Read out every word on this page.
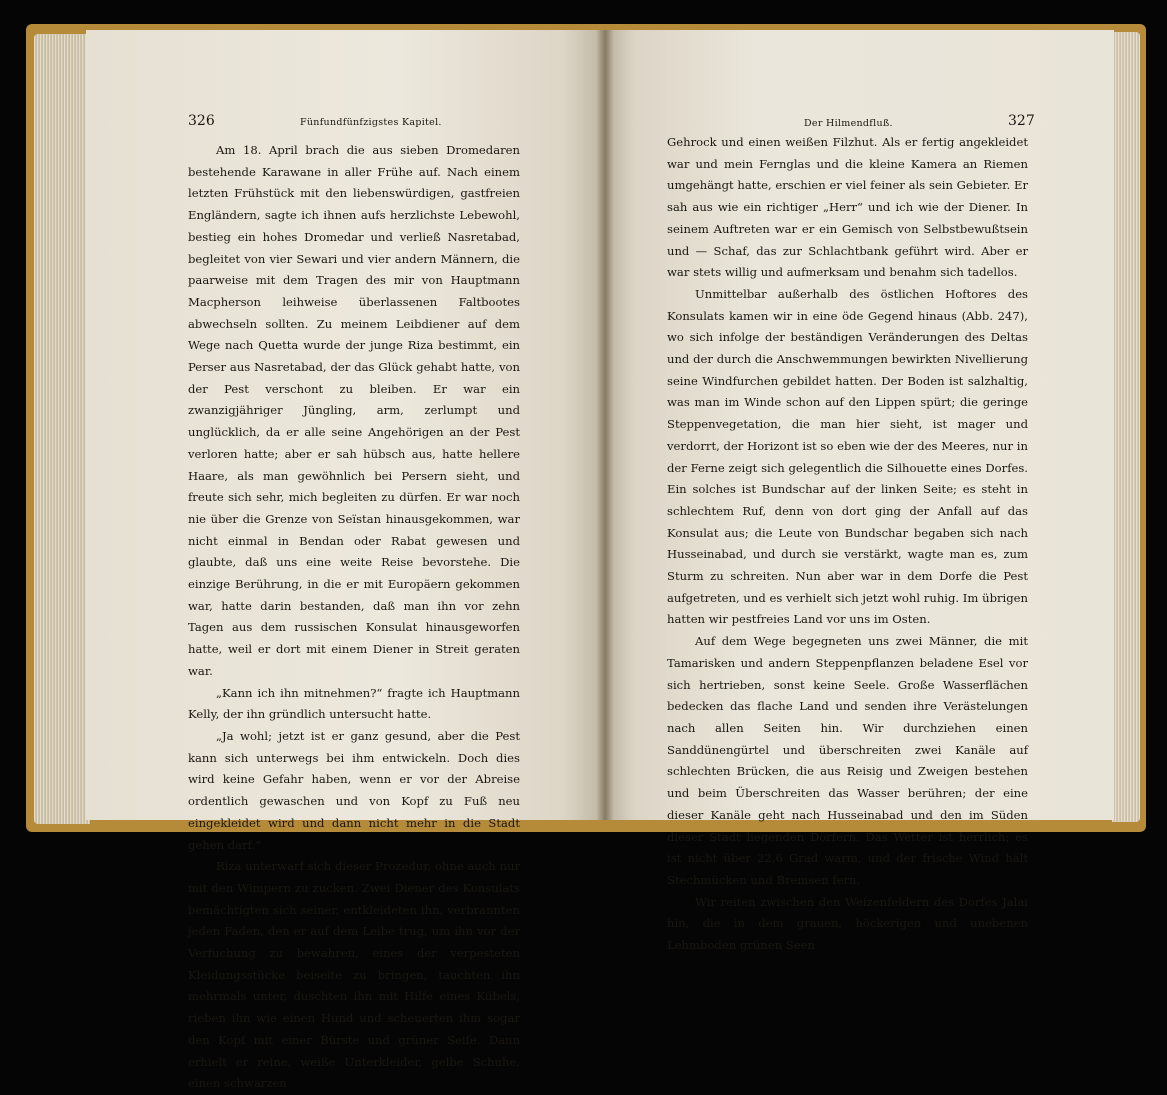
326	Fünfundfünfzigstes Kapitel.

Am 18. April brach die aus sieben Dromedaren bestehende Karawane in aller Frühe auf. Nach einem letzten Frühstück mit den liebenswürdigen, gastfreien Engländern, sagte ich ihnen aufs herzlichste Lebewohl, bestieg ein hohes Dromedar und verließ Nasretabad, begleitet von vier Sewari und vier andern Männern, die paarweise mit dem Tragen des mir von Hauptmann Macpherson leihweise überlassenen Faltbootes abwechseln sollten. Zu meinem Leibdiener auf dem Wege nach Quetta wurde der junge Riza bestimmt, ein Perser aus Nasretabad, der das Glück gehabt hatte, von der Pest verschont zu bleiben. Er war ein zwanzigjähriger Jüngling, arm, zerlumpt und unglücklich, da er alle seine Angehörigen an der Pest verloren hatte; aber er sah hübsch aus, hatte hellere Haare, als man gewöhnlich bei Persern sieht, und freute sich sehr, mich begleiten zu dürfen. Er war noch nie über die Grenze von Seïstan hinausgekommen, war nicht einmal in Bendan oder Rabat gewesen und glaubte, daß uns eine weite Reise bevorstehe. Die einzige Berührung, in die er mit Europäern gekommen war, hatte darin bestanden, daß man ihn vor zehn Tagen aus dem russischen Konsulat hinausgeworfen hatte, weil er dort mit einem Diener in Streit geraten war.

„Kann ich ihn mitnehmen?“ fragte ich Hauptmann Kelly, der ihn gründlich untersucht hatte.

„Ja wohl; jetzt ist er ganz gesund, aber die Pest kann sich unterwegs bei ihm entwickeln. Doch dies wird keine Gefahr haben, wenn er vor der Abreise ordentlich gewaschen und von Kopf zu Fuß neu eingekleidet wird und dann nicht mehr in die Stadt gehen darf.“

Riza unterwarf sich dieser Prozedur, ohne auch nur mit den Wimpern zu zucken. Zwei Diener des Konsulats bemächtigten sich seiner, entkleideten ihn, verbrannten jeden Faden, den er auf dem Leibe trug, um ihn vor der Verfuchung zu bewahren, eines der verpesteten Kleidungsstücke beiseite zu bringen, tauchten ihn mehrmals unter, duschten ihn mit Hilfe eines Kübels, rieben ihn wie einen Hund und scheuerten ihm sogar den Kopf mit einer Bürste und grüner Seife. Dann erhielt er reine, weiße Unterkleider, gelbe Schuhe, einen schwarzen

Der Hilmendfluß.	327

Gehrock und einen weißen Filzhut. Als er fertig angekleidet war und mein Fernglas und die kleine Kamera an Riemen umgehängt hatte, erschien er viel feiner als sein Gebieter. Er sah aus wie ein richtiger „Herr“ und ich wie der Diener. In seinem Auftreten war er ein Gemisch von Selbstbewußtsein und — Schaf, das zur Schlachtbank geführt wird. Aber er war stets willig und aufmerksam und benahm sich tadellos.

Unmittelbar außerhalb des östlichen Hoftores des Konsulats kamen wir in eine öde Gegend hinaus (Abb. 247), wo sich infolge der beständigen Veränderungen des Deltas und der durch die Anschwemmungen bewirkten Nivellierung seine Windfurchen gebildet hatten. Der Boden ist salzhaltig, was man im Winde schon auf den Lippen spürt; die geringe Steppenvegetation, die man hier sieht, ist mager und verdorrt, der Horizont ist so eben wie der des Meeres, nur in der Ferne zeigt sich gelegentlich die Silhouette eines Dorfes. Ein solches ist Bundschar auf der linken Seite; es steht in schlechtem Ruf, denn von dort ging der Anfall auf das Konsulat aus; die Leute von Bundschar begaben sich nach Husseinabad, und durch sie verstärkt, wagte man es, zum Sturm zu schreiten. Nun aber war in dem Dorfe die Pest aufgetreten, und es verhielt sich jetzt wohl ruhig. Im übrigen hatten wir pestfreies Land vor uns im Osten.

Auf dem Wege begegneten uns zwei Männer, die mit Tamarisken und andern Steppenpflanzen beladene Esel vor sich hertrieben, sonst keine Seele. Große Wasserflächen bedecken das flache Land und senden ihre Verästelungen nach allen Seiten hin. Wir durchziehen einen Sanddünengürtel und überschreiten zwei Kanäle auf schlechten Brücken, die aus Reisig und Zweigen bestehen und beim Überschreiten das Wasser berühren; der eine dieser Kanäle geht nach Husseinabad und den im Süden dieser Stadt liegenden Dörfern. Das Wetter ist herrlich; es ist nicht über 22,6 Grad warm, und der frische Wind hält Stechmücken und Bremsen fern.

Wir reiten zwischen den Weizenfeldern des Dorfes Jalai hin, die in dem grauen, höckerigen und unebenen Lehmboden grünen Seen
